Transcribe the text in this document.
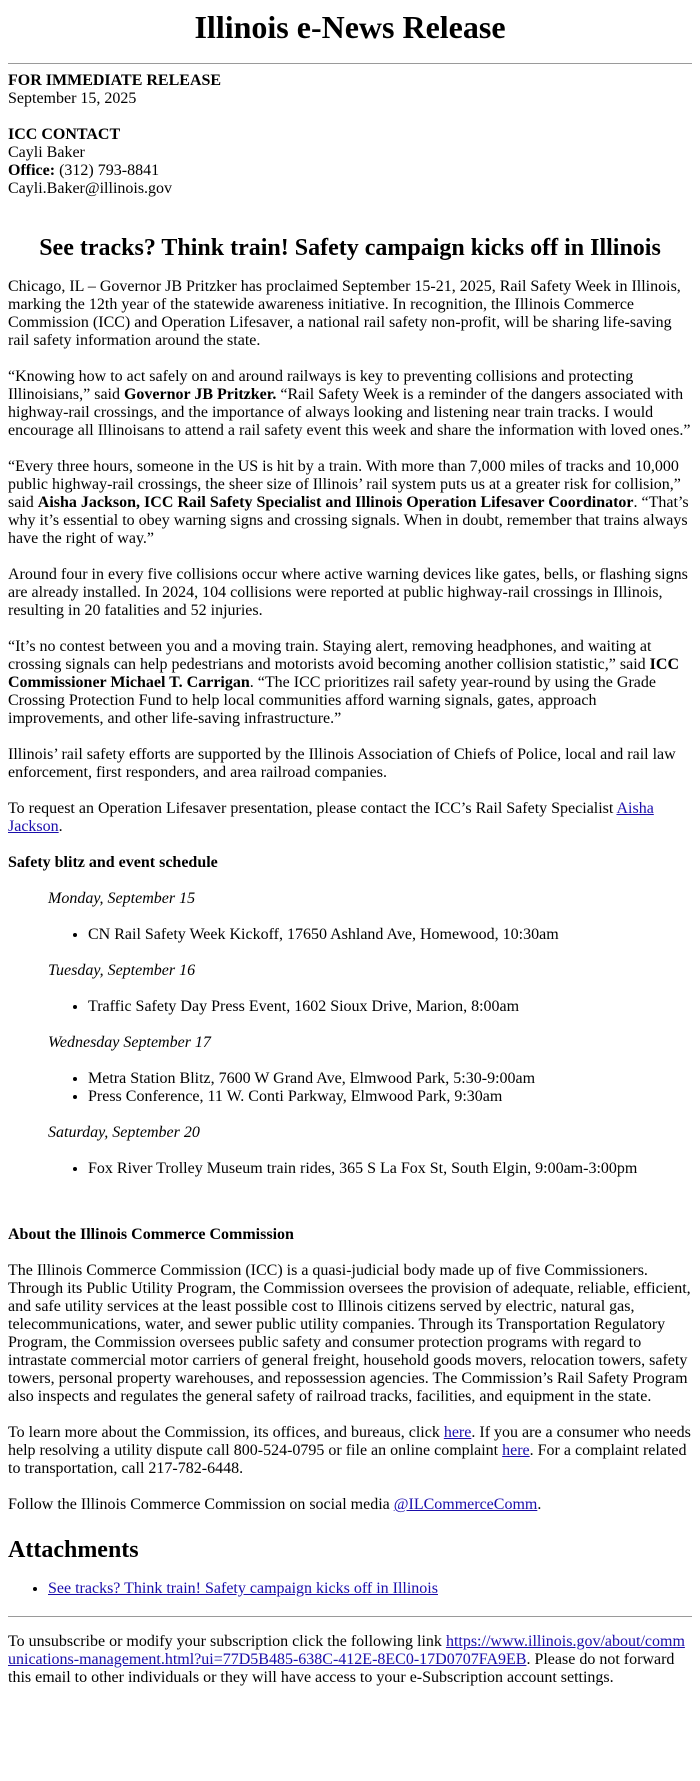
Illinois e-News Release
FOR IMMEDIATE RELEASE
September 15, 2025
ICC CONTACT
Cayli Baker
Office: (312) 793-8841
Cayli.Baker@illinois.gov
See tracks? Think train! Safety campaign kicks off in Illinois

Chicago, IL – Governor JB Pritzker has proclaimed September 15-21, 2025, Rail Safety Week in Illinois, marking the 12th year of the statewide awareness initiative. In recognition, the Illinois Commerce Commission (ICC) and Operation Lifesaver, a national rail safety non-profit, will be sharing life-saving rail safety information around the state.

“Knowing how to act safely on and around railways is key to preventing collisions and protecting Illinoisians,” said Governor JB Pritzker. “Rail Safety Week is a reminder of the dangers associated with highway-rail crossings, and the importance of always looking and listening near train tracks. I would encourage all Illinoisans to attend a rail safety event this week and share the information with loved ones.”

“Every three hours, someone in the US is hit by a train. With more than 7,000 miles of tracks and 10,000 public highway-rail crossings, the sheer size of Illinois’ rail system puts us at a greater risk for collision,” said Aisha Jackson, ICC Rail Safety Specialist and Illinois Operation Lifesaver Coordinator. “That’s why it’s essential to obey warning signs and crossing signals. When in doubt, remember that trains always have the right of way.”

Around four in every five collisions occur where active warning devices like gates, bells, or flashing signs are already installed. In 2024, 104 collisions were reported at public highway-rail crossings in Illinois, resulting in 20 fatalities and 52 injuries.

“It’s no contest between you and a moving train. Staying alert, removing headphones, and waiting at crossing signals can help pedestrians and motorists avoid becoming another collision statistic,” said ICC Commissioner Michael T. Carrigan. “The ICC prioritizes rail safety year-round by using the Grade Crossing Protection Fund to help local communities afford warning signals, gates, approach improvements, and other life-saving infrastructure.”

Illinois’ rail safety efforts are supported by the Illinois Association of Chiefs of Police, local and rail law enforcement, first responders, and area railroad companies.

To request an Operation Lifesaver presentation, please contact the ICC’s Rail Safety Specialist Aisha Jackson.

Safety blitz and event schedule
Monday, September 15
• CN Rail Safety Week Kickoff, 17650 Ashland Ave, Homewood, 10:30am
Tuesday, September 16
• Traffic Safety Day Press Event, 1602 Sioux Drive, Marion, 8:00am
Wednesday September 17
• Metra Station Blitz, 7600 W Grand Ave, Elmwood Park, 5:30-9:00am
• Press Conference, 11 W. Conti Parkway, Elmwood Park, 9:30am
Saturday, September 20
• Fox River Trolley Museum train rides, 365 S La Fox St, South Elgin, 9:00am-3:00pm
About the Illinois Commerce Commission

The Illinois Commerce Commission (ICC) is a quasi-judicial body made up of five Commissioners. Through its Public Utility Program, the Commission oversees the provision of adequate, reliable, efficient, and safe utility services at the least possible cost to Illinois citizens served by electric, natural gas, telecommunications, water, and sewer public utility companies. Through its Transportation Regulatory Program, the Commission oversees public safety and consumer protection programs with regard to intrastate commercial motor carriers of general freight, household goods movers, relocation towers, safety towers, personal property warehouses, and repossession agencies. The Commission’s Rail Safety Program also inspects and regulates the general safety of railroad tracks, facilities, and equipment in the state.

To learn more about the Commission, its offices, and bureaus, click here. If you are a consumer who needs help resolving a utility dispute call 800-524-0795 or file an online complaint here. For a complaint related to transportation, call 217-782-6448.

Follow the Illinois Commerce Commission on social media @ILCommerceComm.

Attachments
• See tracks? Think train! Safety campaign kicks off in Illinois

To unsubscribe or modify your subscription click the following link https://www.illinois.gov/about/communications-management.html?ui=77D5B485-638C-412E-8EC0-17D0707FA9EB. Please do not forward this email to other individuals or they will have access to your e-Subscription account settings.
